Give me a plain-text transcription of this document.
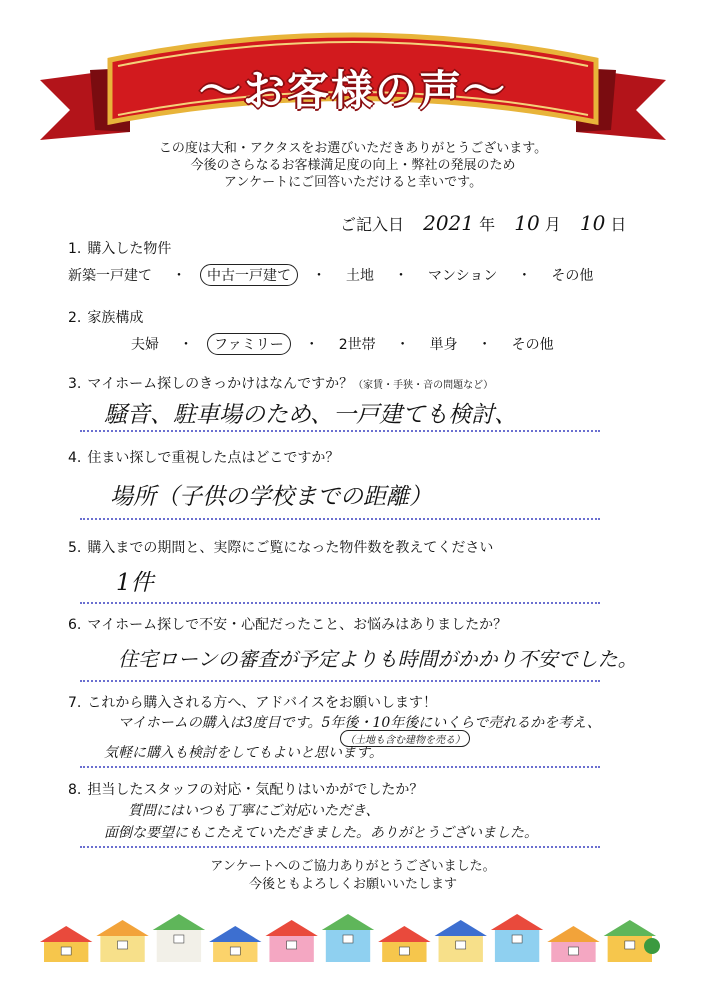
〜お客様の声〜
この度は大和・アクタスをお選びいただきありがとうございます。
今後のさらなるお客様満足度の向上・弊社の発展のため
アンケートにご回答いただけると幸いです。
ご記入日 2021 年 10 月 10 日
1. 購入した物件
新築一戸建て ・ 中古一戸建て ・ 土地 ・ マンション ・ その他
2. 家族構成
夫婦 ・ ファミリー ・ 2世帯 ・ 単身 ・ その他
3. マイホーム探しのきっかけはなんですか？（家賃・手狭・音の問題など）
騒音、駐車場のため、一戸建ても検討、
4. 住まい探しで重視した点はどこですか？
場所（子供の学校までの距離）
5. 購入までの期間と、実際にご覧になった物件数を教えてください
1件
6. マイホーム探しで不安・心配だったこと、お悩みはありましたか？
住宅ローンの審査が予定よりも時間がかかり不安でした。
7. これから購入される方へ、アドバイスをお願いします！
マイホームの購入は3度目です。5年後・10年後にいくらで売れるかを考え、
（土地も含む建物を売る）
気軽に購入も検討をしてもよいと思います。
8. 担当したスタッフの対応・気配りはいかがでしたか？
質問にはいつも丁寧にご対応いただき、
面倒な要望にもこたえていただきました。ありがとうございました。
アンケートへのご協力ありがとうございました。
今後ともよろしくお願いいたします
